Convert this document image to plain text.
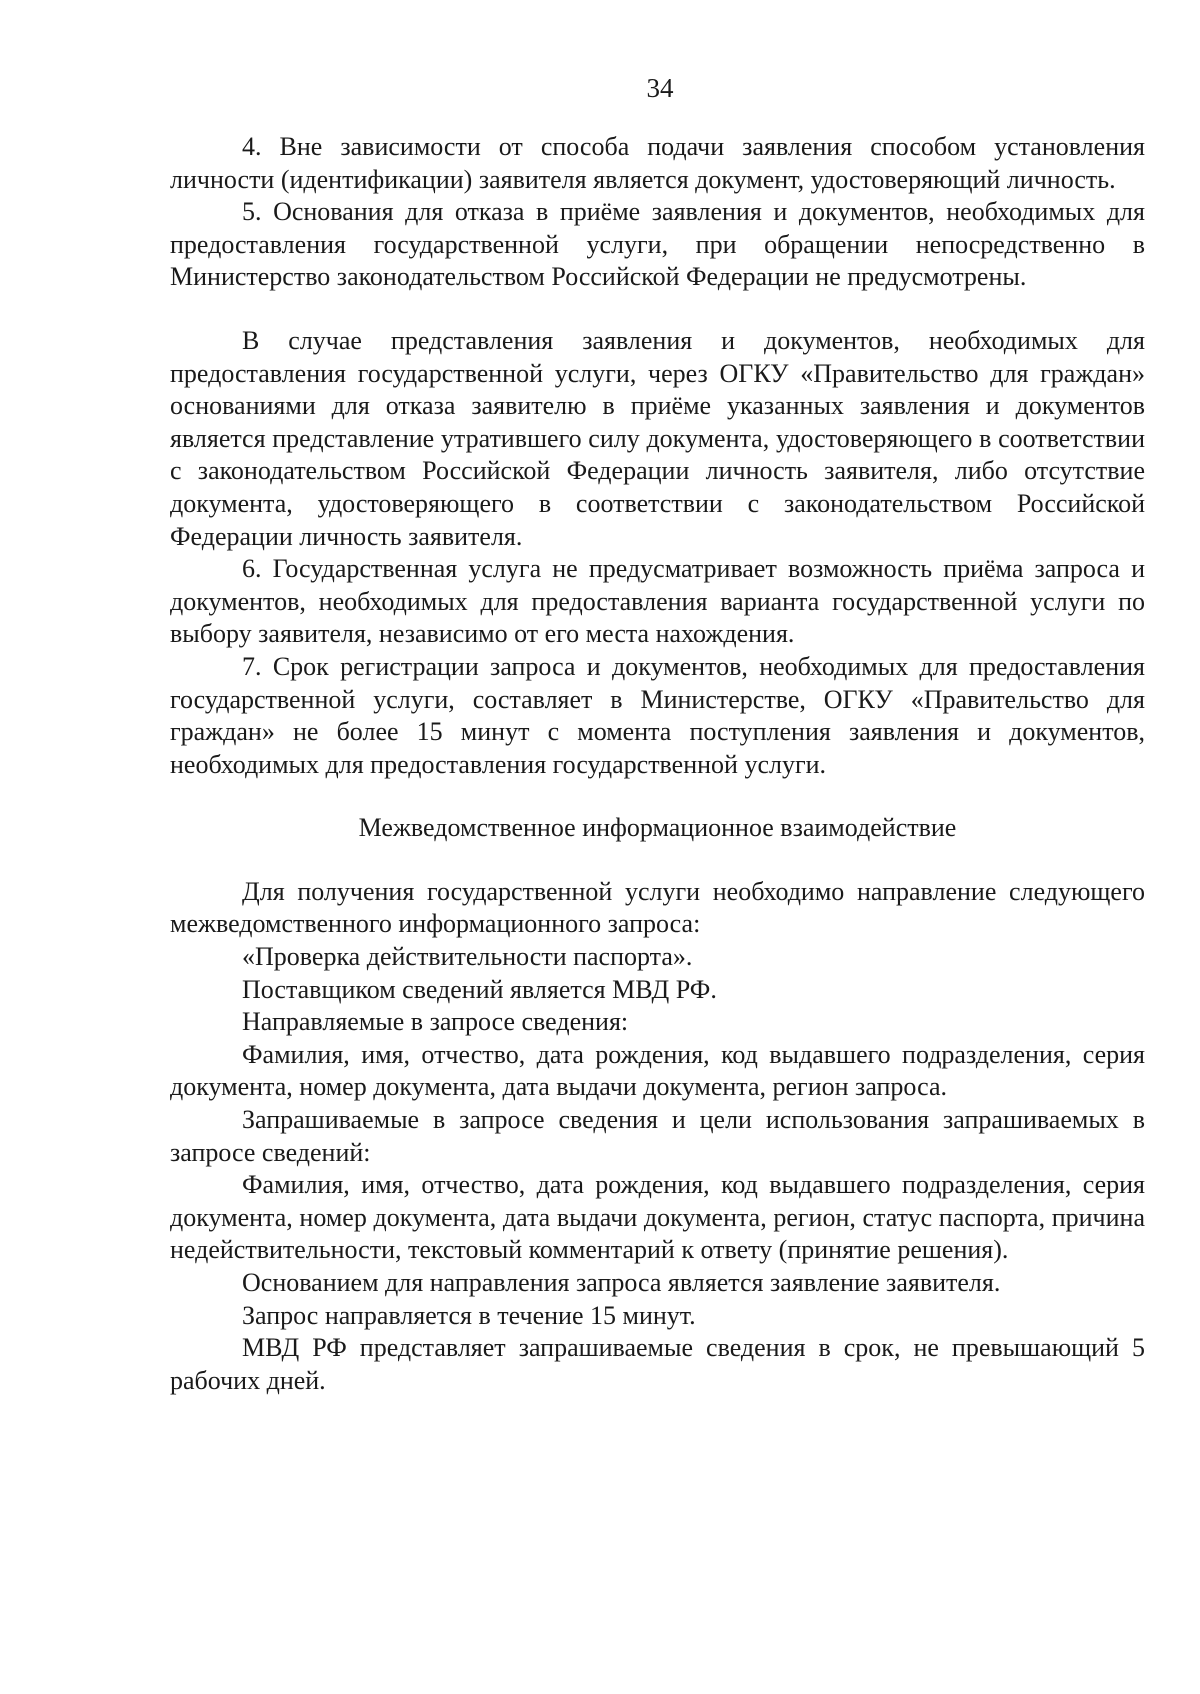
34

4. Вне зависимости от способа подачи заявления способом установления личности (идентификации) заявителя является документ, удостоверяющий личность.

5. Основания для отказа в приёме заявления и документов, необходимых для предоставления государственной услуги, при обращении непосредственно в Министерство законодательством Российской Федерации не предусмотрены.

В случае представления заявления и документов, необходимых для предоставления государственной услуги, через ОГКУ «Правительство для граждан» основаниями для отказа заявителю в приёме указанных заявления и документов является представление утратившего силу документа, удостоверяющего в соответствии с законодательством Российской Федерации личность заявителя, либо отсутствие документа, удостоверяющего в соответствии с законодательством Российской Федерации личность заявителя.

6. Государственная услуга не предусматривает возможность приёма запроса и документов, необходимых для предоставления варианта государственной услуги по выбору заявителя, независимо от его места нахождения.

7. Срок регистрации запроса и документов, необходимых для предоставления государственной услуги, составляет в Министерстве, ОГКУ «Правительство для граждан» не более 15 минут с момента поступления заявления и документов, необходимых для предоставления государственной услуги.

Межведомственное информационное взаимодействие

Для получения государственной услуги необходимо направление следующего межведомственного информационного запроса:

«Проверка действительности паспорта».

Поставщиком сведений является МВД РФ.

Направляемые в запросе сведения:

Фамилия, имя, отчество, дата рождения, код выдавшего подразделения, серия документа, номер документа, дата выдачи документа, регион запроса.

Запрашиваемые в запросе сведения и цели использования запрашиваемых в запросе сведений:

Фамилия, имя, отчество, дата рождения, код выдавшего подразделения, серия документа, номер документа, дата выдачи документа, регион, статус паспорта, причина недействительности, текстовый комментарий к ответу (принятие решения).

Основанием для направления запроса является заявление заявителя.

Запрос направляется в течение 15 минут.

МВД РФ представляет запрашиваемые сведения в срок, не превышающий 5 рабочих дней.
